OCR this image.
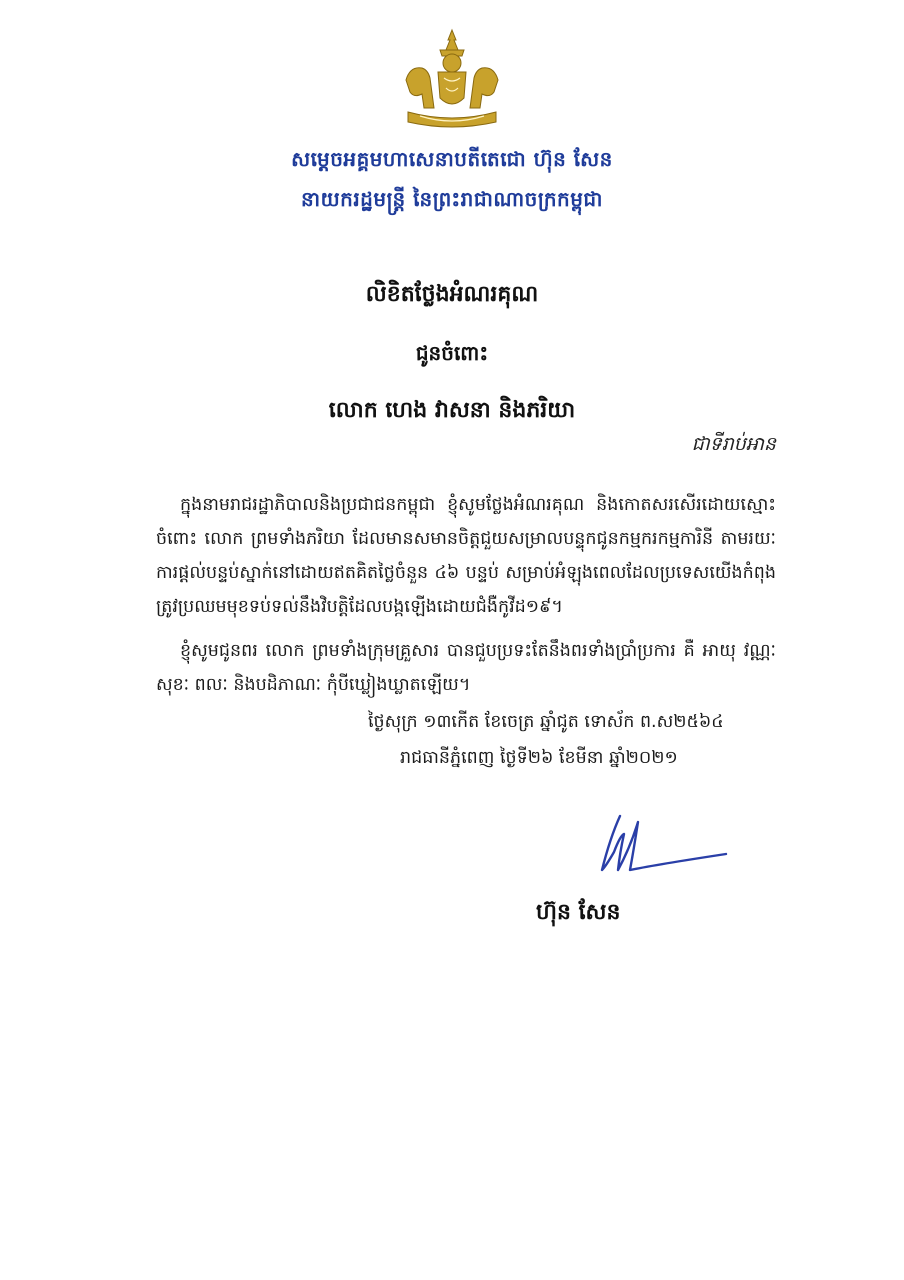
សម្តេចអគ្គមហាសេនាបតីតេជោ ហ៊ុន សែន
នាយករដ្ឋមន្ត្រី នៃព្រះរាជាណាចក្រកម្ពុជា
លិខិតថ្លែងអំណរគុណ
ជូនចំពោះ
លោក ហេង វាសនា និងភរិយា
ជាទីរាប់អាន
ក្នុងនាមរាជរដ្ឋាភិបាលនិងប្រជាជនកម្ពុជា ខ្ញុំសូមថ្លែងអំណរគុណ និងកោតសរសើរដោយស្មោះចំពោះ លោក ព្រមទាំងភរិយា ដែលមានសមានចិត្តជួយសម្រាលបន្ទុកជូនកម្មករកម្មការិនី តាមរយៈការផ្តល់បន្ទប់ស្នាក់នៅដោយឥតគិតថ្លៃចំនួន ៤៦ បន្ទប់ សម្រាប់អំឡុងពេលដែលប្រទេសយើងកំពុងត្រូវប្រឈមមុខទប់ទល់នឹងវិបត្តិដែលបង្កឡើងដោយជំងឺកូវីដ១៩។
ខ្ញុំសូមជូនពរ លោក ព្រមទាំងក្រុមគ្រួសារ បានជួបប្រទះតែនឹងពរទាំងប្រាំប្រការ គឺ អាយុ វណ្ណៈ សុខៈ ពលៈ និងបដិភាណៈ កុំបីឃ្លៀងឃ្លាតឡើយ។
ថ្ងៃសុក្រ ១៣កើត ខែចេត្រ ឆ្នាំជូត ទោស័ក ព.ស២៥៦៤
រាជធានីភ្នំពេញ ថ្ងៃទី២៦ ខែមីនា ឆ្នាំ២០២១
ហ៊ុន សែន
